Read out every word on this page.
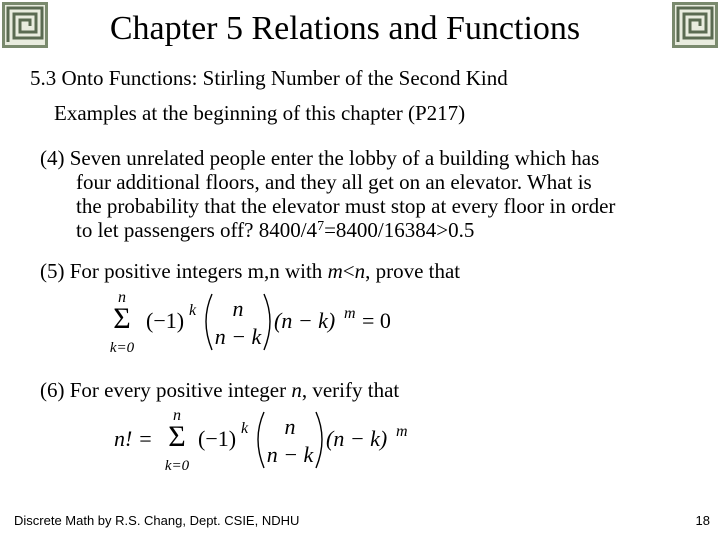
Chapter 5 Relations and Functions
5.3 Onto Functions: Stirling Number of the Second Kind
Examples at the beginning of this chapter (P217)
(4) Seven unrelated people enter the lobby of a building which has
four additional floors, and they all get on an elevator. What is
the probability that the elevator must stop at every floor in order
to let passengers off? $8400/4^7=8400/16384>0.5$
(5) For positive integers m,n with m<n, prove that
n
Σ
k=0
(−1) k n
n − k
(n − k) m = 0
(6) For every positive integer n, verify that
n! =
n
Σ
k=0
(−1) k n
n − k
(n − k) m
Discrete Math by R.S. Chang, Dept. CSIE, NDHU	18
